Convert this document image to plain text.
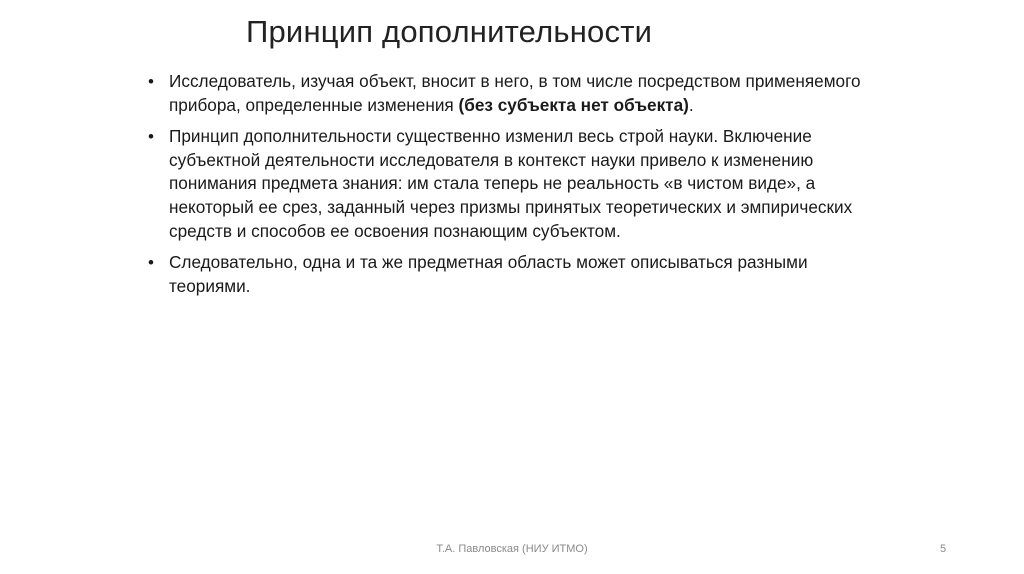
Принцип дополнительности
• Исследователь, изучая объект, вносит в него, в том числе посредством применяемого прибора, определенные изменения (без субъекта нет объекта).
• Принцип дополнительности существенно изменил весь строй науки. Включение субъектной деятельности исследователя в контекст науки привело к изменению понимания предмета знания: им стала теперь не реальность «в чистом виде», а некоторый ее срез, заданный через призмы принятых теоретических и эмпирических средств и способов ее освоения познающим субъектом.
• Следовательно, одна и та же предметная область может описываться разными теориями.
Т.А. Павловская (НИУ ИТМО)	5
